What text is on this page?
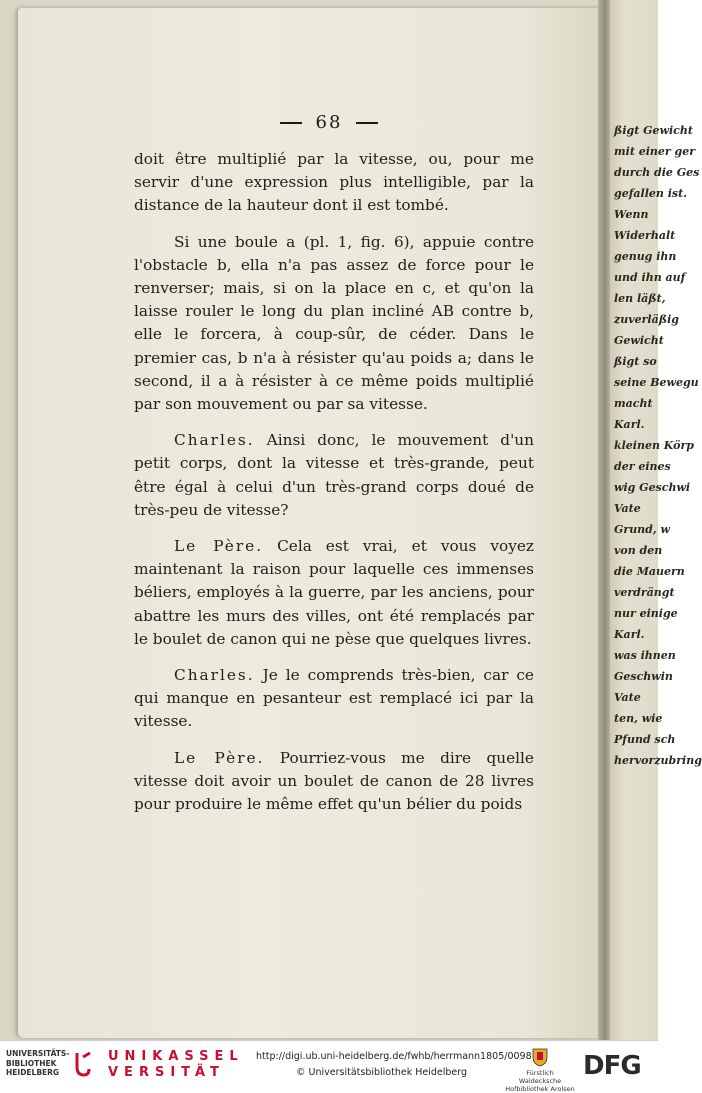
ßigt Gewicht
mit einer ger
durch die Ges
gefallen ist.
Wenn
Widerhalt
genug ihn
und ihn auf
len läßt,
zuverläßig
Gewicht
ßigt so
seine Bewegu
macht
Karl.
kleinen Körp
der eines
wig Geschwi
Vate
Grund, w
von den
die Mauern
verdrängt
nur einige
Karl.
was ihnen
Geschwin
Vate
ten, wie
Pfund sch
hervorzubring
68

doit être multiplié par la vitesse, ou, pour me servir d'une expression plus intelligible, par la distance de la hauteur dont il est tombé.

Si une boule a (pl. 1, fig. 6), appuie contre l'obstacle b, ella n'a pas assez de force pour le renverser; mais, si on la place en c, et qu'on la laisse rouler le long du plan incliné AB contre b, elle le forcera, à coup-sûr, de céder. Dans le premier cas, b n'a à résister qu'au poids a; dans le second, il a à résister à ce même poids multiplié par son mouvement ou par sa vitesse.

Charles. Ainsi donc, le mouvement d'un petit corps, dont la vitesse et très-grande, peut être égal à celui d'un très-grand corps doué de très-peu de vitesse?

Le Père. Cela est vrai, et vous voyez maintenant la raison pour laquelle ces immenses béliers, employés à la guerre, par les anciens, pour abattre les murs des villes, ont été remplacés par le boulet de canon qui ne pèse que quelques livres.

Charles. Je le comprends très-bien, car ce qui manque en pesanteur est remplacé ici par la vitesse.

Le Père. Pourriez-vous me dire quelle vitesse doit avoir un boulet de canon de 28 livres pour produire le même effet qu'un bélier du poids

UNIVERSITÄTS-
BIBLIOTHEK
HEIDELBERG
UNIKASSEL
VERSITÄT
http://digi.ub.uni-heidelberg.de/fwhb/herrmann1805/0098
© Universitätsbibliothek Heidelberg	Fürstlich Waldecksche
Hofbibliothek Arolsen
DFG
